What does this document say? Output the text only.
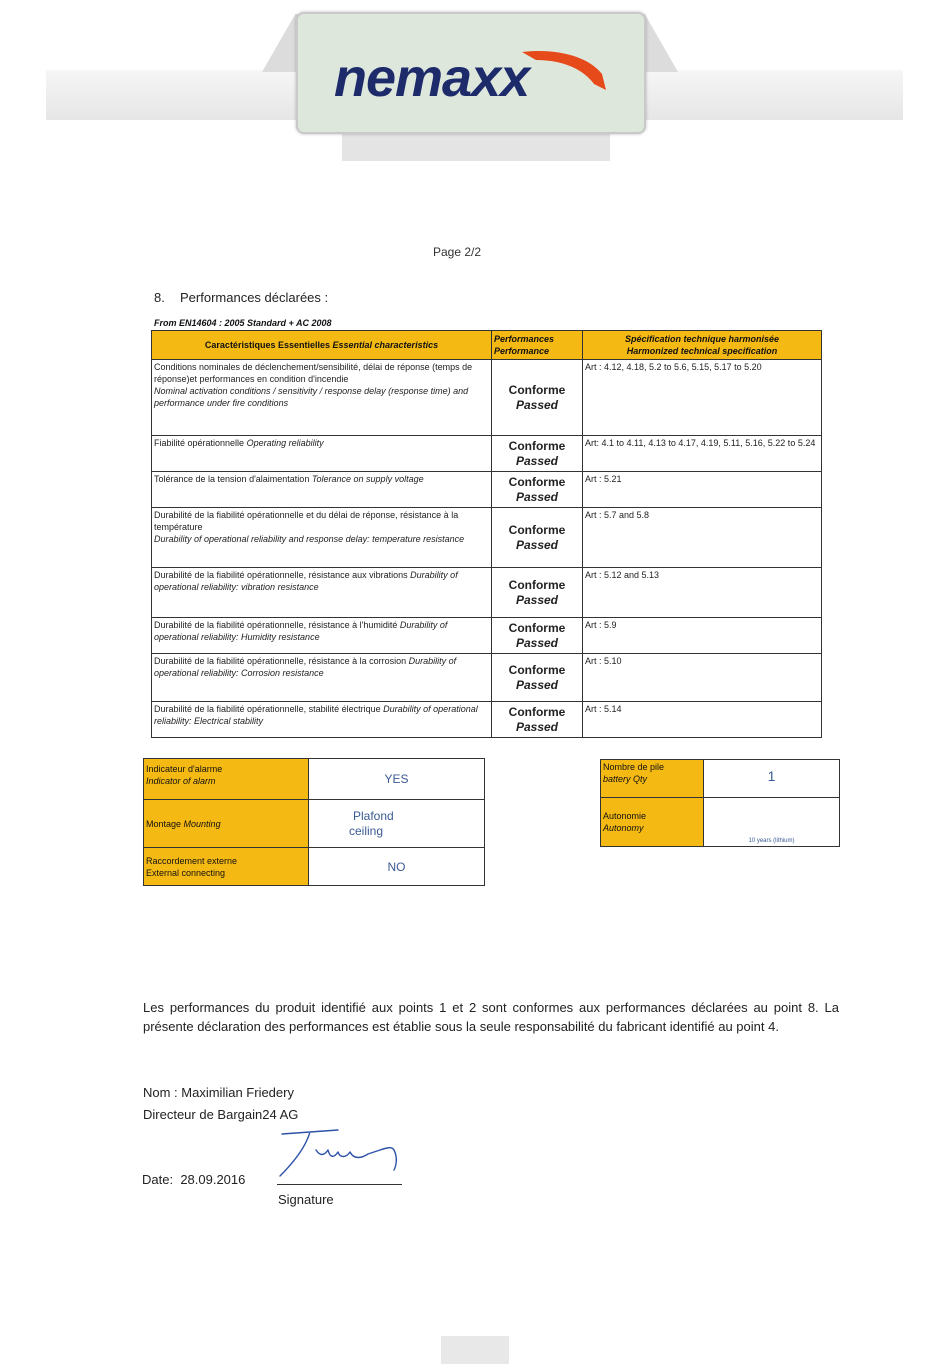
nemaxx
Page 2/2
8. Performances déclarées :
From EN14604 : 2005 Standard + AC 2008
Caractéristiques Essentielles Essential characteristics	Performances
Performance	Spécification technique harmonisée
Harmonized technical specification
Conditions nominales de déclenchement/sensibilité, délai de réponse (temps de réponse)et performances en condition d'incendie
Nominal activation conditions / sensitivity / response delay (response time) and performance under fire conditions	Conforme
Passed	Art : 4.12, 4.18, 5.2 to 5.6, 5.15, 5.17 to 5.20
Fiabilité opérationnelle Operating reliability	Conforme
Passed	Art: 4.1 to 4.11, 4.13 to 4.17, 4.19, 5.11, 5.16, 5.22 to 5.24
Tolérance de la tension d'alaimentation Tolerance on supply voltage	Conforme
Passed	Art : 5.21
Durabilité de la fiabilité opérationnelle et du délai de réponse, résistance à la température
Durability of operational reliability and response delay: temperature resistance	Conforme
Passed	Art : 5.7 and 5.8
Durabilité de la fiabilité opérationnelle, résistance aux vibrations Durability of operational reliability: vibration resistance	Conforme
Passed	Art : 5.12 and 5.13
Durabilité de la fiabilité opérationnelle, résistance à l'humidité Durability of operational reliability: Humidity resistance	Conforme
Passed	Art : 5.9
Durabilité de la fiabilité opérationnelle, résistance à la corrosion Durability of operational reliability: Corrosion resistance	Conforme
Passed	Art : 5.10
Durabilité de la fiabilité opérationnelle, stabilité électrique Durability of operational reliability: Electrical stability	Conforme
Passed	Art : 5.14
Indicateur d'alarme
Indicator of alarm	YES
Montage Mounting	Plafond
ceiling
Raccordement externe
External connecting	NO
Nombre de pile
battery Qty	1
Autonomie
Autonomy	10 years (lithium)
Les performances du produit identifié aux points 1 et 2 sont conformes aux performances déclarées au point 8. La présente déclaration des performances est établie sous la seule responsabilité du fabricant identifié au point 4.
Nom : Maximilian Friedery
Directeur de Bargain24 AG
Date: 28.09.2016
Signature
